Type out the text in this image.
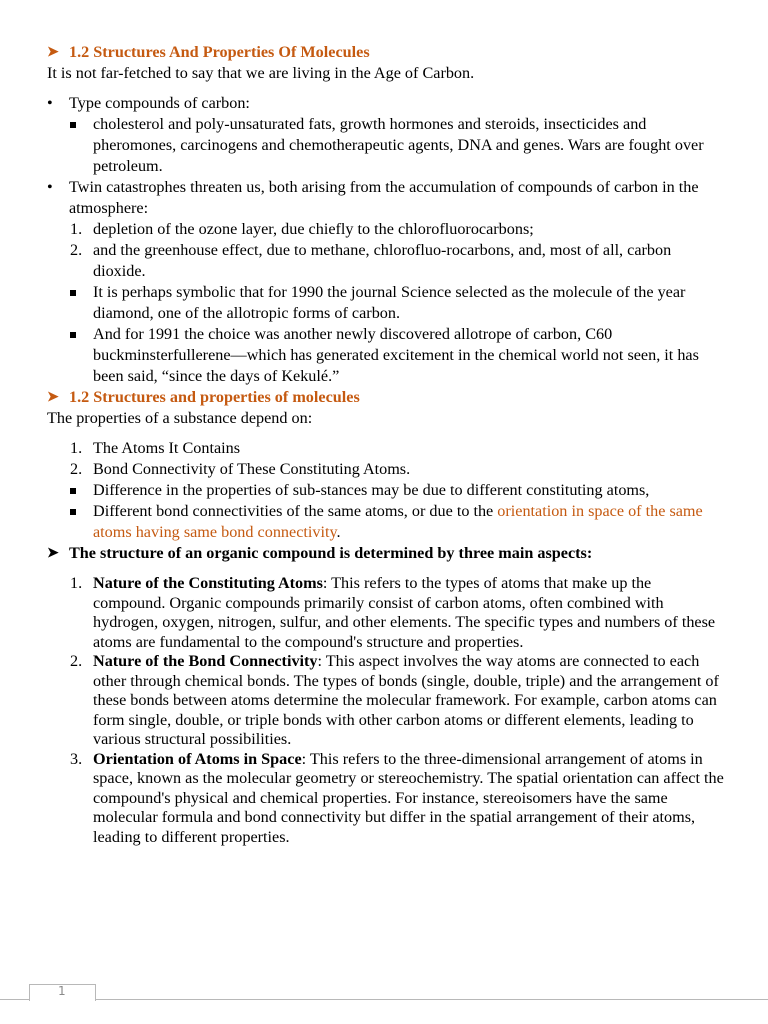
➤ 1.2 Structures And Properties Of Molecules

It is not far-fetched to say that we are living in the Age of Carbon.

• Type compounds of carbon:
cholesterol and poly-unsaturated fats, growth hormones and steroids, insecticides and pheromones, carcinogens and chemotherapeutic agents, DNA and genes. Wars are fought over petroleum.
• Twin catastrophes threaten us, both arising from the accumulation of compounds of carbon in the atmosphere:
1. depletion of the ozone layer, due chiefly to the chlorofluorocarbons;
2. and the greenhouse effect, due to methane, chlorofluo-rocarbons, and, most of all, carbon dioxide.
It is perhaps symbolic that for 1990 the journal Science selected as the molecule of the year diamond, one of the allotropic forms of carbon.
And for 1991 the choice was another newly discovered allotrope of carbon, C60 buckminsterfullerene—which has generated excitement in the chemical world not seen, it has been said, “since the days of Kekulé.”
➤ 1.2 Structures and properties of molecules

The properties of a substance depend on:

1. The Atoms It Contains
2. Bond Connectivity of These Constituting Atoms.
Difference in the properties of sub-stances may be due to different constituting atoms,
Different bond connectivities of the same atoms, or due to the orientation in space of the same atoms having same bond connectivity.
➤ The structure of an organic compound is determined by three main aspects:
1. Nature of the Constituting Atoms: This refers to the types of atoms that make up the compound. Organic compounds primarily consist of carbon atoms, often combined with hydrogen, oxygen, nitrogen, sulfur, and other elements. The specific types and numbers of these atoms are fundamental to the compound's structure and properties.
2. Nature of the Bond Connectivity: This aspect involves the way atoms are connected to each other through chemical bonds. The types of bonds (single, double, triple) and the arrangement of these bonds between atoms determine the molecular framework. For example, carbon atoms can form single, double, or triple bonds with other carbon atoms or different elements, leading to various structural possibilities.
3. Orientation of Atoms in Space: This refers to the three-dimensional arrangement of atoms in space, known as the molecular geometry or stereochemistry. The spatial orientation can affect the compound's physical and chemical properties. For instance, stereoisomers have the same molecular formula and bond connectivity but differ in the spatial arrangement of their atoms, leading to different properties.
1
